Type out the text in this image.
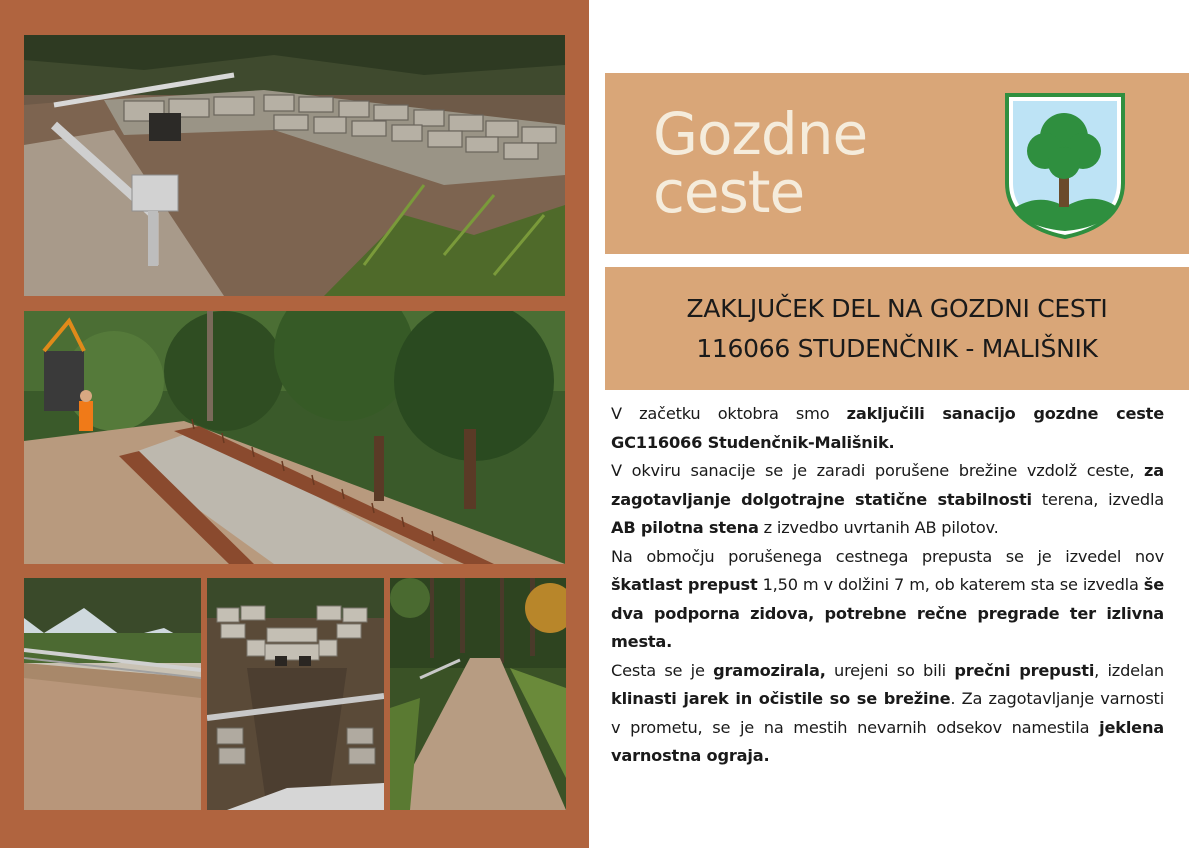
Gozdne
ceste
ZAKLJUČEK DEL NA GOZDNI CESTI
116066 STUDENČNIK - MALIŠNIK

V začetku oktobra smo zaključili sanacijo gozdne ceste GC116066 Studenčnik-Mališnik.

V okviru sanacije se je zaradi porušene brežine vzdolž ceste, za zagotavljanje dolgotrajne statične stabilnosti terena, izvedla AB pilotna stena z izvedbo uvrtanih AB pilotov.

Na območju porušenega cestnega prepusta se je izvedel nov škatlast prepust 1,50 m v dolžini 7 m, ob katerem sta se izvedla še dva podporna zidova, potrebne rečne pregrade ter izlivna mesta.

Cesta se je gramozirala, urejeni so bili prečni prepusti, izdelan klinasti jarek in očistile so se brežine. Za zagotavljanje varnosti v prometu, se je na mestih nevarnih odsekov namestila jeklena varnostna ograja.
